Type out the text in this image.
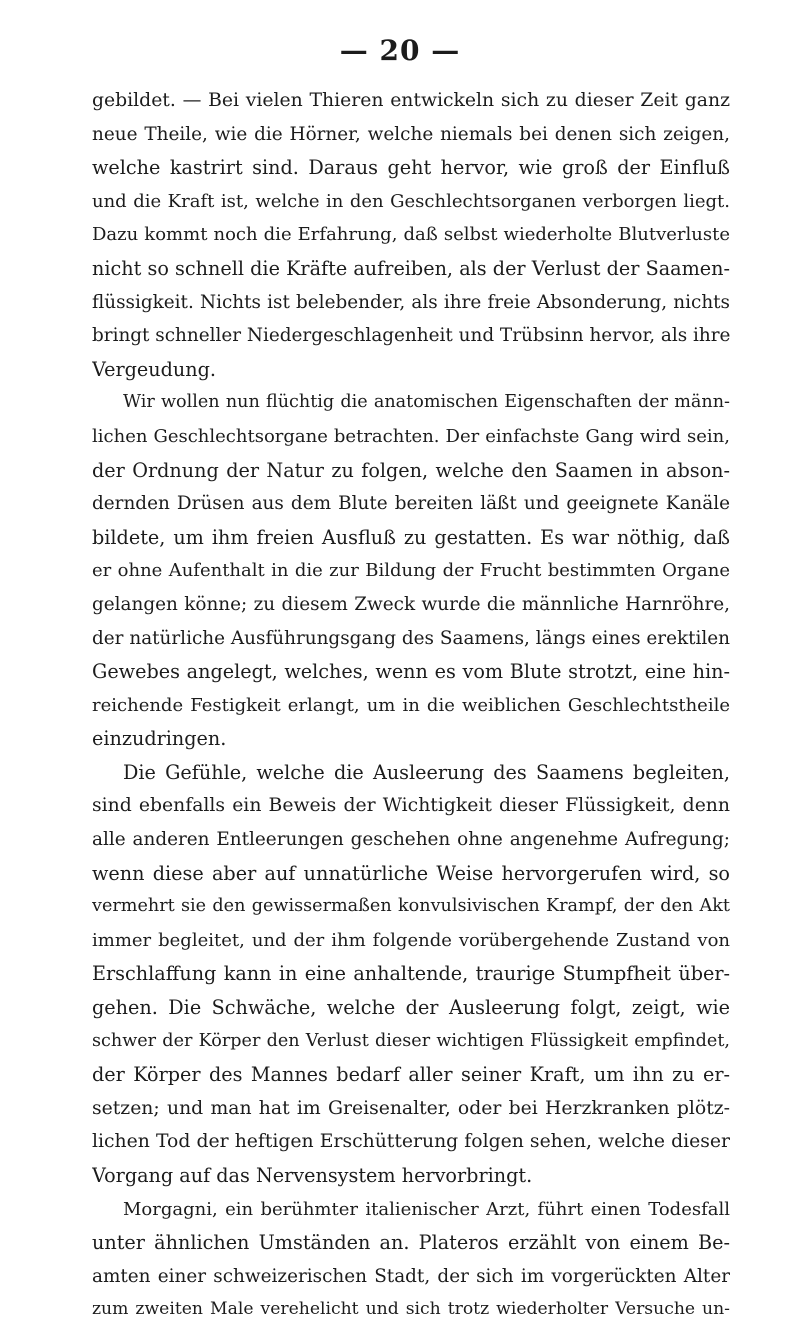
— 20 —
gebildet. — Bei vielen Thieren entwickeln sich zu dieser Zeit ganz
neue Theile, wie die Hörner, welche niemals bei denen sich zeigen,
welche kastrirt sind. Daraus geht hervor, wie groß der Einfluß
und die Kraft ist, welche in den Geschlechtsorganen verborgen liegt.
Dazu kommt noch die Erfahrung, daß selbst wiederholte Blutverluste
nicht so schnell die Kräfte aufreiben, als der Verlust der Saamen-
flüssigkeit. Nichts ist belebender, als ihre freie Absonderung, nichts
bringt schneller Niedergeschlagenheit und Trübsinn hervor, als ihre
Vergeudung.
Wir wollen nun flüchtig die anatomischen Eigenschaften der männ-
lichen Geschlechtsorgane betrachten. Der einfachste Gang wird sein,
der Ordnung der Natur zu folgen, welche den Saamen in abson-
dernden Drüsen aus dem Blute bereiten läßt und geeignete Kanäle
bildete, um ihm freien Ausfluß zu gestatten. Es war nöthig, daß
er ohne Aufenthalt in die zur Bildung der Frucht bestimmten Organe
gelangen könne; zu diesem Zweck wurde die männliche Harnröhre,
der natürliche Ausführungsgang des Saamens, längs eines erektilen
Gewebes angelegt, welches, wenn es vom Blute strotzt, eine hin-
reichende Festigkeit erlangt, um in die weiblichen Geschlechtstheile
einzudringen.
Die Gefühle, welche die Ausleerung des Saamens begleiten,
sind ebenfalls ein Beweis der Wichtigkeit dieser Flüssigkeit, denn
alle anderen Entleerungen geschehen ohne angenehme Aufregung;
wenn diese aber auf unnatürliche Weise hervorgerufen wird, so
vermehrt sie den gewissermaßen konvulsivischen Krampf, der den Akt
immer begleitet, und der ihm folgende vorübergehende Zustand von
Erschlaffung kann in eine anhaltende, traurige Stumpfheit über-
gehen. Die Schwäche, welche der Ausleerung folgt, zeigt, wie
schwer der Körper den Verlust dieser wichtigen Flüssigkeit empfindet,
der Körper des Mannes bedarf aller seiner Kraft, um ihn zu er-
setzen; und man hat im Greisenalter, oder bei Herzkranken plötz-
lichen Tod der heftigen Erschütterung folgen sehen, welche dieser
Vorgang auf das Nervensystem hervorbringt.
Morgagni, ein berühmter italienischer Arzt, führt einen Todesfall
unter ähnlichen Umständen an. Plateros erzählt von einem Be-
amten einer schweizerischen Stadt, der sich im vorgerückten Alter
zum zweiten Male verehelicht und sich trotz wiederholter Versuche un-
